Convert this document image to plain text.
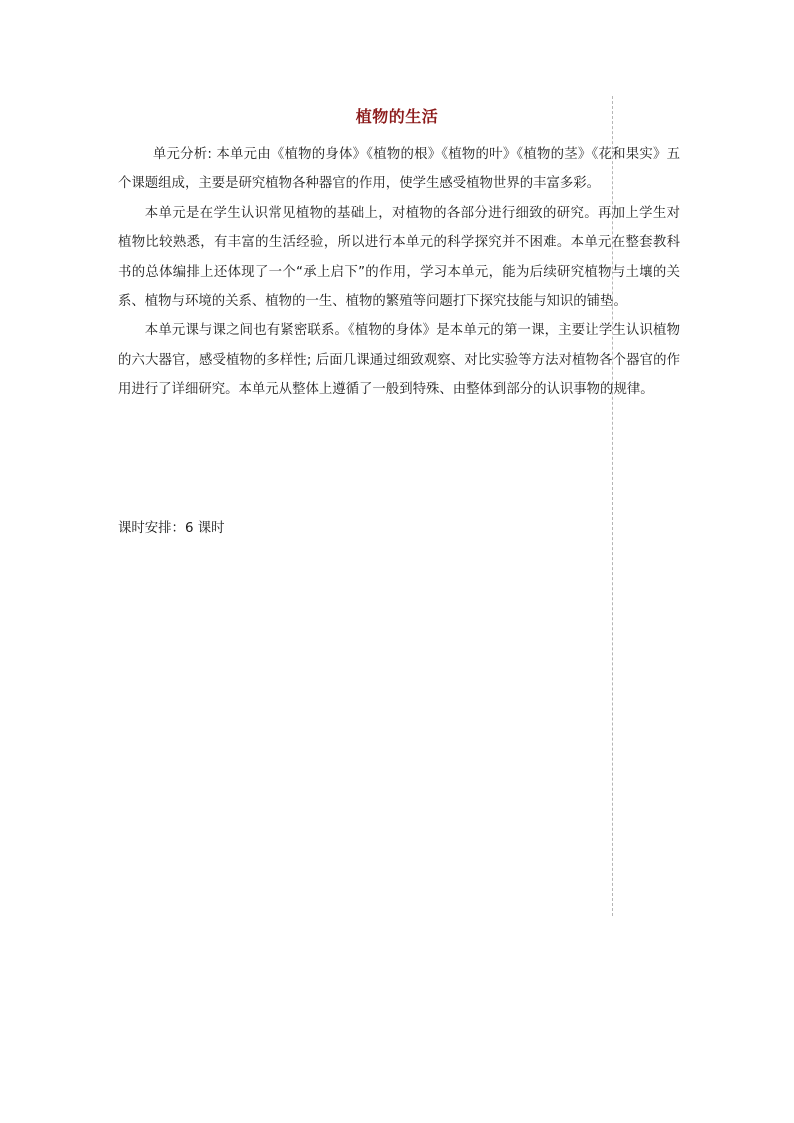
植物的生活

单元分析: 本单元由《植物的身体》《植物的根》《植物的叶》《植物的茎》《花和果实》五个课题组成，主要是研究植物各种器官的作用，使学生感受植物世界的丰富多彩。

本单元是在学生认识常见植物的基础上，对植物的各部分进行细致的研究。再加上学生对植物比较熟悉，有丰富的生活经验，所以进行本单元的科学探究并不困难。本单元在整套教科书的总体编排上还体现了一个“承上启下”的作用，学习本单元，能为后续研究植物与土壤的关系、植物与环境的关系、植物的一生、植物的繁殖等问题打下探究技能与知识的铺垫。

本单元课与课之间也有紧密联系。《植物的身体》是本单元的第一课，主要让学生认识植物的六大器官，感受植物的多样性; 后面几课通过细致观察、对比实验等方法对植物各个器官的作用进行了详细研究。本单元从整体上遵循了一般到特殊、由整体到部分的认识事物的规律。

课时安排：6 课时
